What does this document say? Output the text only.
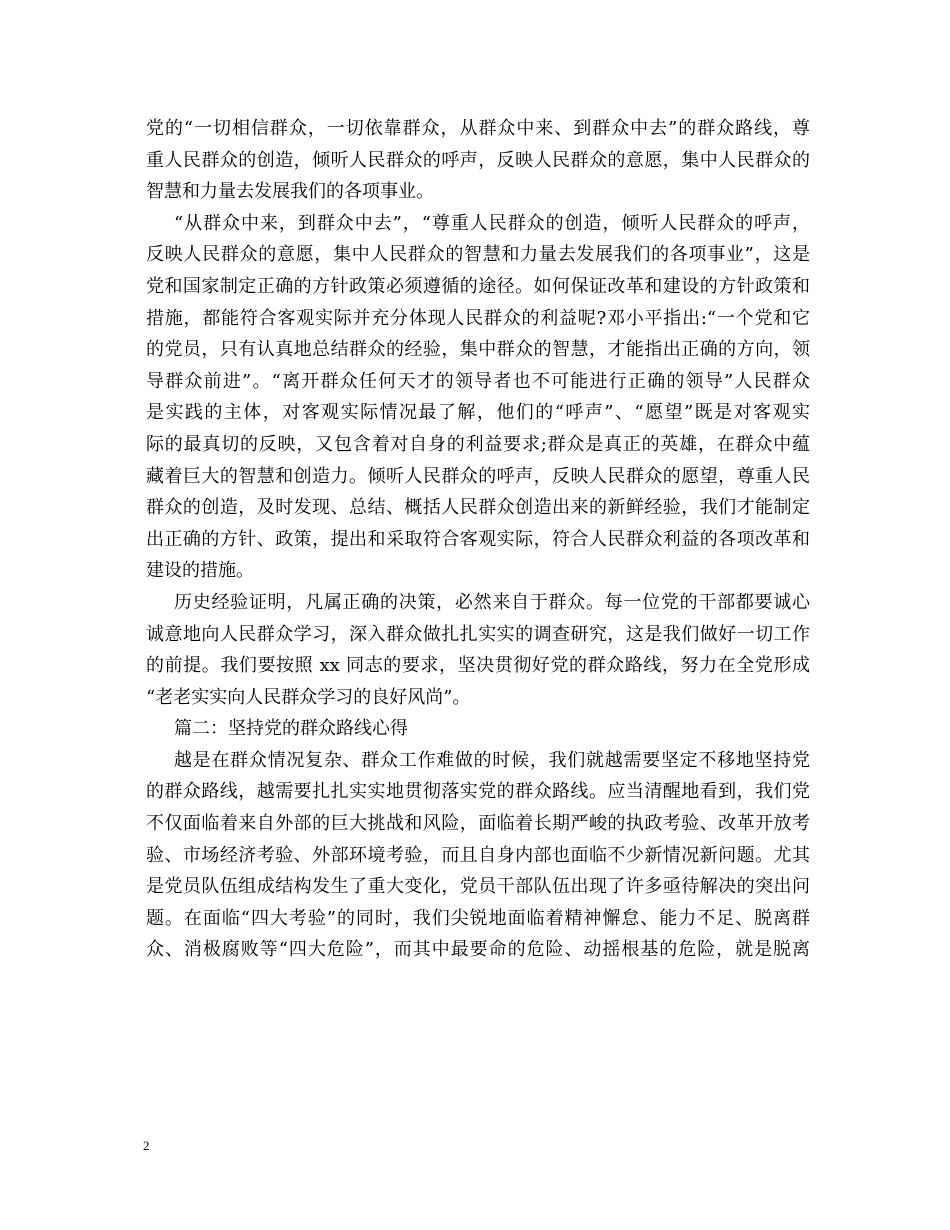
党的“一切相信群众，一切依靠群众，从群众中来、到群众中去”的群众路线，尊
重人民群众的创造，倾听人民群众的呼声，反映人民群众的意愿，集中人民群众的
智慧和力量去发展我们的各项事业。
“从群众中来，到群众中去”，“尊重人民群众的创造，倾听人民群众的呼声，
反映人民群众的意愿，集中人民群众的智慧和力量去发展我们的各项事业”，这是
党和国家制定正确的方针政策必须遵循的途径。如何保证改革和建设的方针政策和
措施，都能符合客观实际并充分体现人民群众的利益呢?邓小平指出:“一个党和它
的党员，只有认真地总结群众的经验，集中群众的智慧，才能指出正确的方向，领
导群众前进”。“离开群众任何天才的领导者也不可能进行正确的领导”人民群众
是实践的主体，对客观实际情况最了解，他们的“呼声”、“愿望”既是对客观实
际的最真切的反映，又包含着对自身的利益要求;群众是真正的英雄，在群众中蕴
藏着巨大的智慧和创造力。倾听人民群众的呼声，反映人民群众的愿望，尊重人民
群众的创造，及时发现、总结、概括人民群众创造出来的新鲜经验，我们才能制定
出正确的方针、政策，提出和采取符合客观实际，符合人民群众利益的各项改革和
建设的措施。
历史经验证明，凡属正确的决策，必然来自于群众。每一位党的干部都要诚心
诚意地向人民群众学习，深入群众做扎扎实实的调查研究，这是我们做好一切工作
的前提。我们要按照 xx 同志的要求，坚决贯彻好党的群众路线，努力在全党形成
“老老实实向人民群众学习的良好风尚”。
篇二：坚持党的群众路线心得
越是在群众情况复杂、群众工作难做的时候，我们就越需要坚定不移地坚持党
的群众路线，越需要扎扎实实地贯彻落实党的群众路线。应当清醒地看到，我们党
不仅面临着来自外部的巨大挑战和风险，面临着长期严峻的执政考验、改革开放考
验、市场经济考验、外部环境考验，而且自身内部也面临不少新情况新问题。尤其
是党员队伍组成结构发生了重大变化，党员干部队伍出现了许多亟待解决的突出问
题。在面临“四大考验”的同时，我们尖锐地面临着精神懈怠、能力不足、脱离群
众、消极腐败等“四大危险”，而其中最要命的危险、动摇根基的危险，就是脱离
2
